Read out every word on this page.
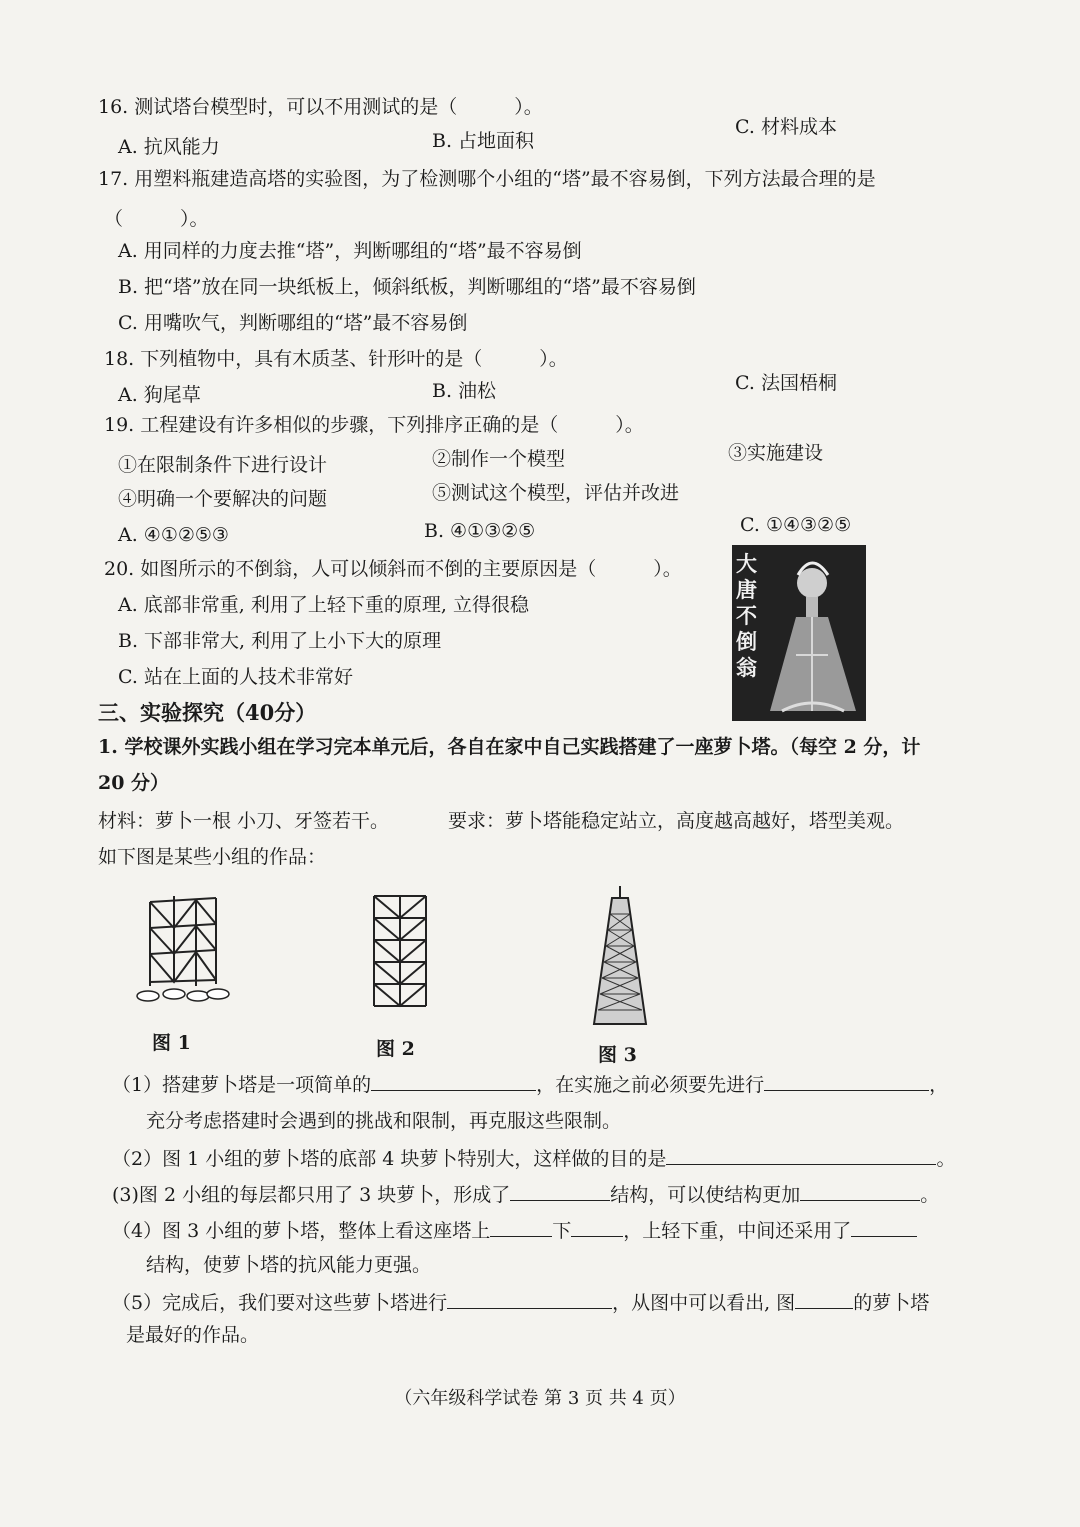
16. 测试塔台模型时，可以不用测试的是（　　　）。
A. 抗风能力	B. 占地面积
C. 材料成本
17. 用塑料瓶建造高塔的实验图，为了检测哪个小组的“塔”最不容易倒，下列方法最合理的是
（　　　）。
A. 用同样的力度去推“塔”，判断哪组的“塔”最不容易倒
B. 把“塔”放在同一块纸板上，倾斜纸板，判断哪组的“塔”最不容易倒
C. 用嘴吹气，判断哪组的“塔”最不容易倒
18. 下列植物中，具有木质茎、针形叶的是（　　　）。
A. 狗尾草	B. 油松	C. 法国梧桐
19. 工程建设有许多相似的步骤，下列排序正确的是（　　　）。
①在限制条件下进行设计	②制作一个模型	③实施建设
④明确一个要解决的问题	⑤测试这个模型，评估并改进
A. ④①②⑤③	B. ④①③②⑤	C. ①④③②⑤
20. 如图所示的不倒翁，人可以倾斜而不倒的主要原因是（　　　）。
A. 底部非常重, 利用了上轻下重的原理, 立得很稳
B. 下部非常大, 利用了上小下大的原理
C. 站在上面的人技术非常好
大唐不倒翁
三、实验探究（40分）
1. 学校课外实践小组在学习完本单元后，各自在家中自己实践搭建了一座萝卜塔。（每空 2 分，计
20 分）
材料：萝卜一根 小刀、牙签若干。	要求：萝卜塔能稳定站立，高度越高越好，塔型美观。
如下图是某些小组的作品：
图 1	图 2	图 3
（1）搭建萝卜塔是一项简单的	，在实施之前必须要先进行	，
充分考虑搭建时会遇到的挑战和限制，再克服这些限制。
（2）图 1 小组的萝卜塔的底部 4 块萝卜特别大，这样做的目的是	。
(3)图 2 小组的每层都只用了 3 块萝卜，形成了	结构，可以使结构更加	。
（4）图 3 小组的萝卜塔，整体上看这座塔上	下	，上轻下重，中间还采用了
结构，使萝卜塔的抗风能力更强。
（5）完成后，我们要对这些萝卜塔进行	，从图中可以看出, 图	的萝卜塔
是最好的作品。
（六年级科学试卷 第 3 页 共 4 页）
